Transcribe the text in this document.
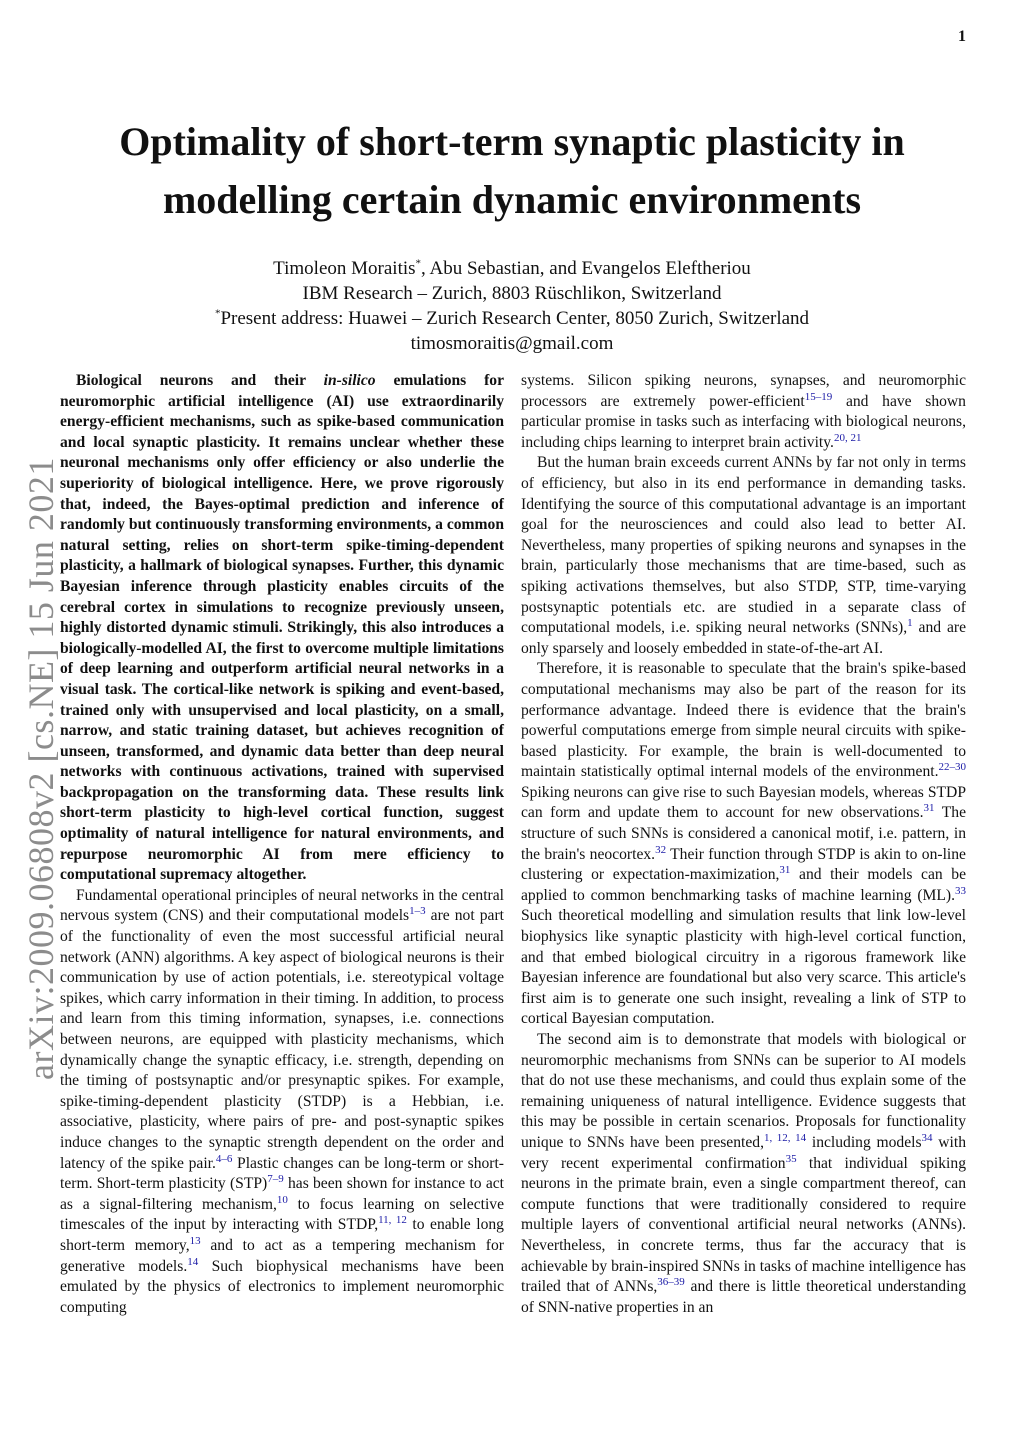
1
Optimality of short-term synaptic plasticity in
modelling certain dynamic environments
Timoleon Moraitis*, Abu Sebastian, and Evangelos Eleftheriou
IBM Research – Zurich, 8803 Rüschlikon, Switzerland
*Present address: Huawei – Zurich Research Center, 8050 Zurich, Switzerland
timosmoraitis@gmail.com
arXiv:2009.06808v2 [cs.NE] 15 Jun 2021

Biological neurons and their in-silico emulations for neuromorphic artificial intelligence (AI) use extraordinarily energy-efficient mechanisms, such as spike-based communication and local synaptic plasticity. It remains unclear whether these neuronal mechanisms only offer efficiency or also underlie the superiority of biological intelligence. Here, we prove rigorously that, indeed, the Bayes-optimal prediction and inference of randomly but continuously transforming environments, a common natural setting, relies on short-term spike-timing-dependent plasticity, a hallmark of biological synapses. Further, this dynamic Bayesian inference through plasticity enables circuits of the cerebral cortex in simulations to recognize previously unseen, highly distorted dynamic stimuli. Strikingly, this also introduces a biologically-modelled AI, the first to overcome multiple limitations of deep learning and outperform artificial neural networks in a visual task. The cortical-like network is spiking and event-based, trained only with unsupervised and local plasticity, on a small, narrow, and static training dataset, but achieves recognition of unseen, transformed, and dynamic data better than deep neural networks with continuous activations, trained with supervised backpropagation on the transforming data. These results link short-term plasticity to high-level cortical function, suggest optimality of natural intelligence for natural environments, and repurpose neuromorphic AI from mere efficiency to computational supremacy altogether.

Fundamental operational principles of neural networks in the central nervous system (CNS) and their computational models$^{1-3}$ are not part of the functionality of even the most successful artificial neural network (ANN) algorithms. A key aspect of biological neurons is their communication by use of action potentials, i.e. stereotypical voltage spikes, which carry information in their timing. In addition, to process and learn from this timing information, synapses, i.e. connections between neurons, are equipped with plasticity mechanisms, which dynamically change the synaptic efficacy, i.e. strength, depending on the timing of postsynaptic and/or presynaptic spikes. For example, spike-timing-dependent plasticity (STDP) is a Hebbian, i.e. associative, plasticity, where pairs of pre- and post-synaptic spikes induce changes to the synaptic strength dependent on the order and latency of the spike pair.$^{4-6}$ Plastic changes can be long-term or short-term. Short-term plasticity (STP)$^{7-9}$ has been shown for instance to act as a signal-filtering mechanism,$^{10}$ to focus learning on selective timescales of the input by interacting with STDP,$^{11, 12}$ to enable long short-term memory,$^{13}$ and to act as a tempering mechanism for generative models.$^{14}$ Such biophysical mechanisms have been emulated by the physics of electronics to implement neuromorphic computing

systems. Silicon spiking neurons, synapses, and neuromorphic processors are extremely power-efficient$^{15-19}$ and have shown particular promise in tasks such as interfacing with biological neurons, including chips learning to interpret brain activity.$^{20, 21}$

But the human brain exceeds current ANNs by far not only in terms of efficiency, but also in its end performance in demanding tasks. Identifying the source of this computational advantage is an important goal for the neurosciences and could also lead to better AI. Nevertheless, many properties of spiking neurons and synapses in the brain, particularly those mechanisms that are time-based, such as spiking activations themselves, but also STDP, STP, time-varying postsynaptic potentials etc. are studied in a separate class of computational models, i.e. spiking neural networks (SNNs),$^1$ and are only sparsely and loosely embedded in state-of-the-art AI.

Therefore, it is reasonable to speculate that the brain's spike-based computational mechanisms may also be part of the reason for its performance advantage. Indeed there is evidence that the brain's powerful computations emerge from simple neural circuits with spike-based plasticity. For example, the brain is well-documented to maintain statistically optimal internal models of the environment.$^{22-30}$ Spiking neurons can give rise to such Bayesian models, whereas STDP can form and update them to account for new observations.$^{31}$ The structure of such SNNs is considered a canonical motif, i.e. pattern, in the brain's neocortex.$^{32}$ Their function through STDP is akin to on-line clustering or expectation-maximization,$^{31}$ and their models can be applied to common benchmarking tasks of machine learning (ML).$^{33}$ Such theoretical modelling and simulation results that link low-level biophysics like synaptic plasticity with high-level cortical function, and that embed biological circuitry in a rigorous framework like Bayesian inference are foundational but also very scarce. This article's first aim is to generate one such insight, revealing a link of STP to cortical Bayesian computation.

The second aim is to demonstrate that models with biological or neuromorphic mechanisms from SNNs can be superior to AI models that do not use these mechanisms, and could thus explain some of the remaining uniqueness of natural intelligence. Evidence suggests that this may be possible in certain scenarios. Proposals for functionality unique to SNNs have been presented,$^{1, 12, 14}$ including models$^{34}$ with very recent experimental confirmation$^{35}$ that individual spiking neurons in the primate brain, even a single compartment thereof, can compute functions that were traditionally considered to require multiple layers of conventional artificial neural networks (ANNs). Nevertheless, in concrete terms, thus far the accuracy that is achievable by brain-inspired SNNs in tasks of machine intelligence has trailed that of ANNs,$^{36-39}$ and there is little theoretical understanding of SNN-native properties in an
